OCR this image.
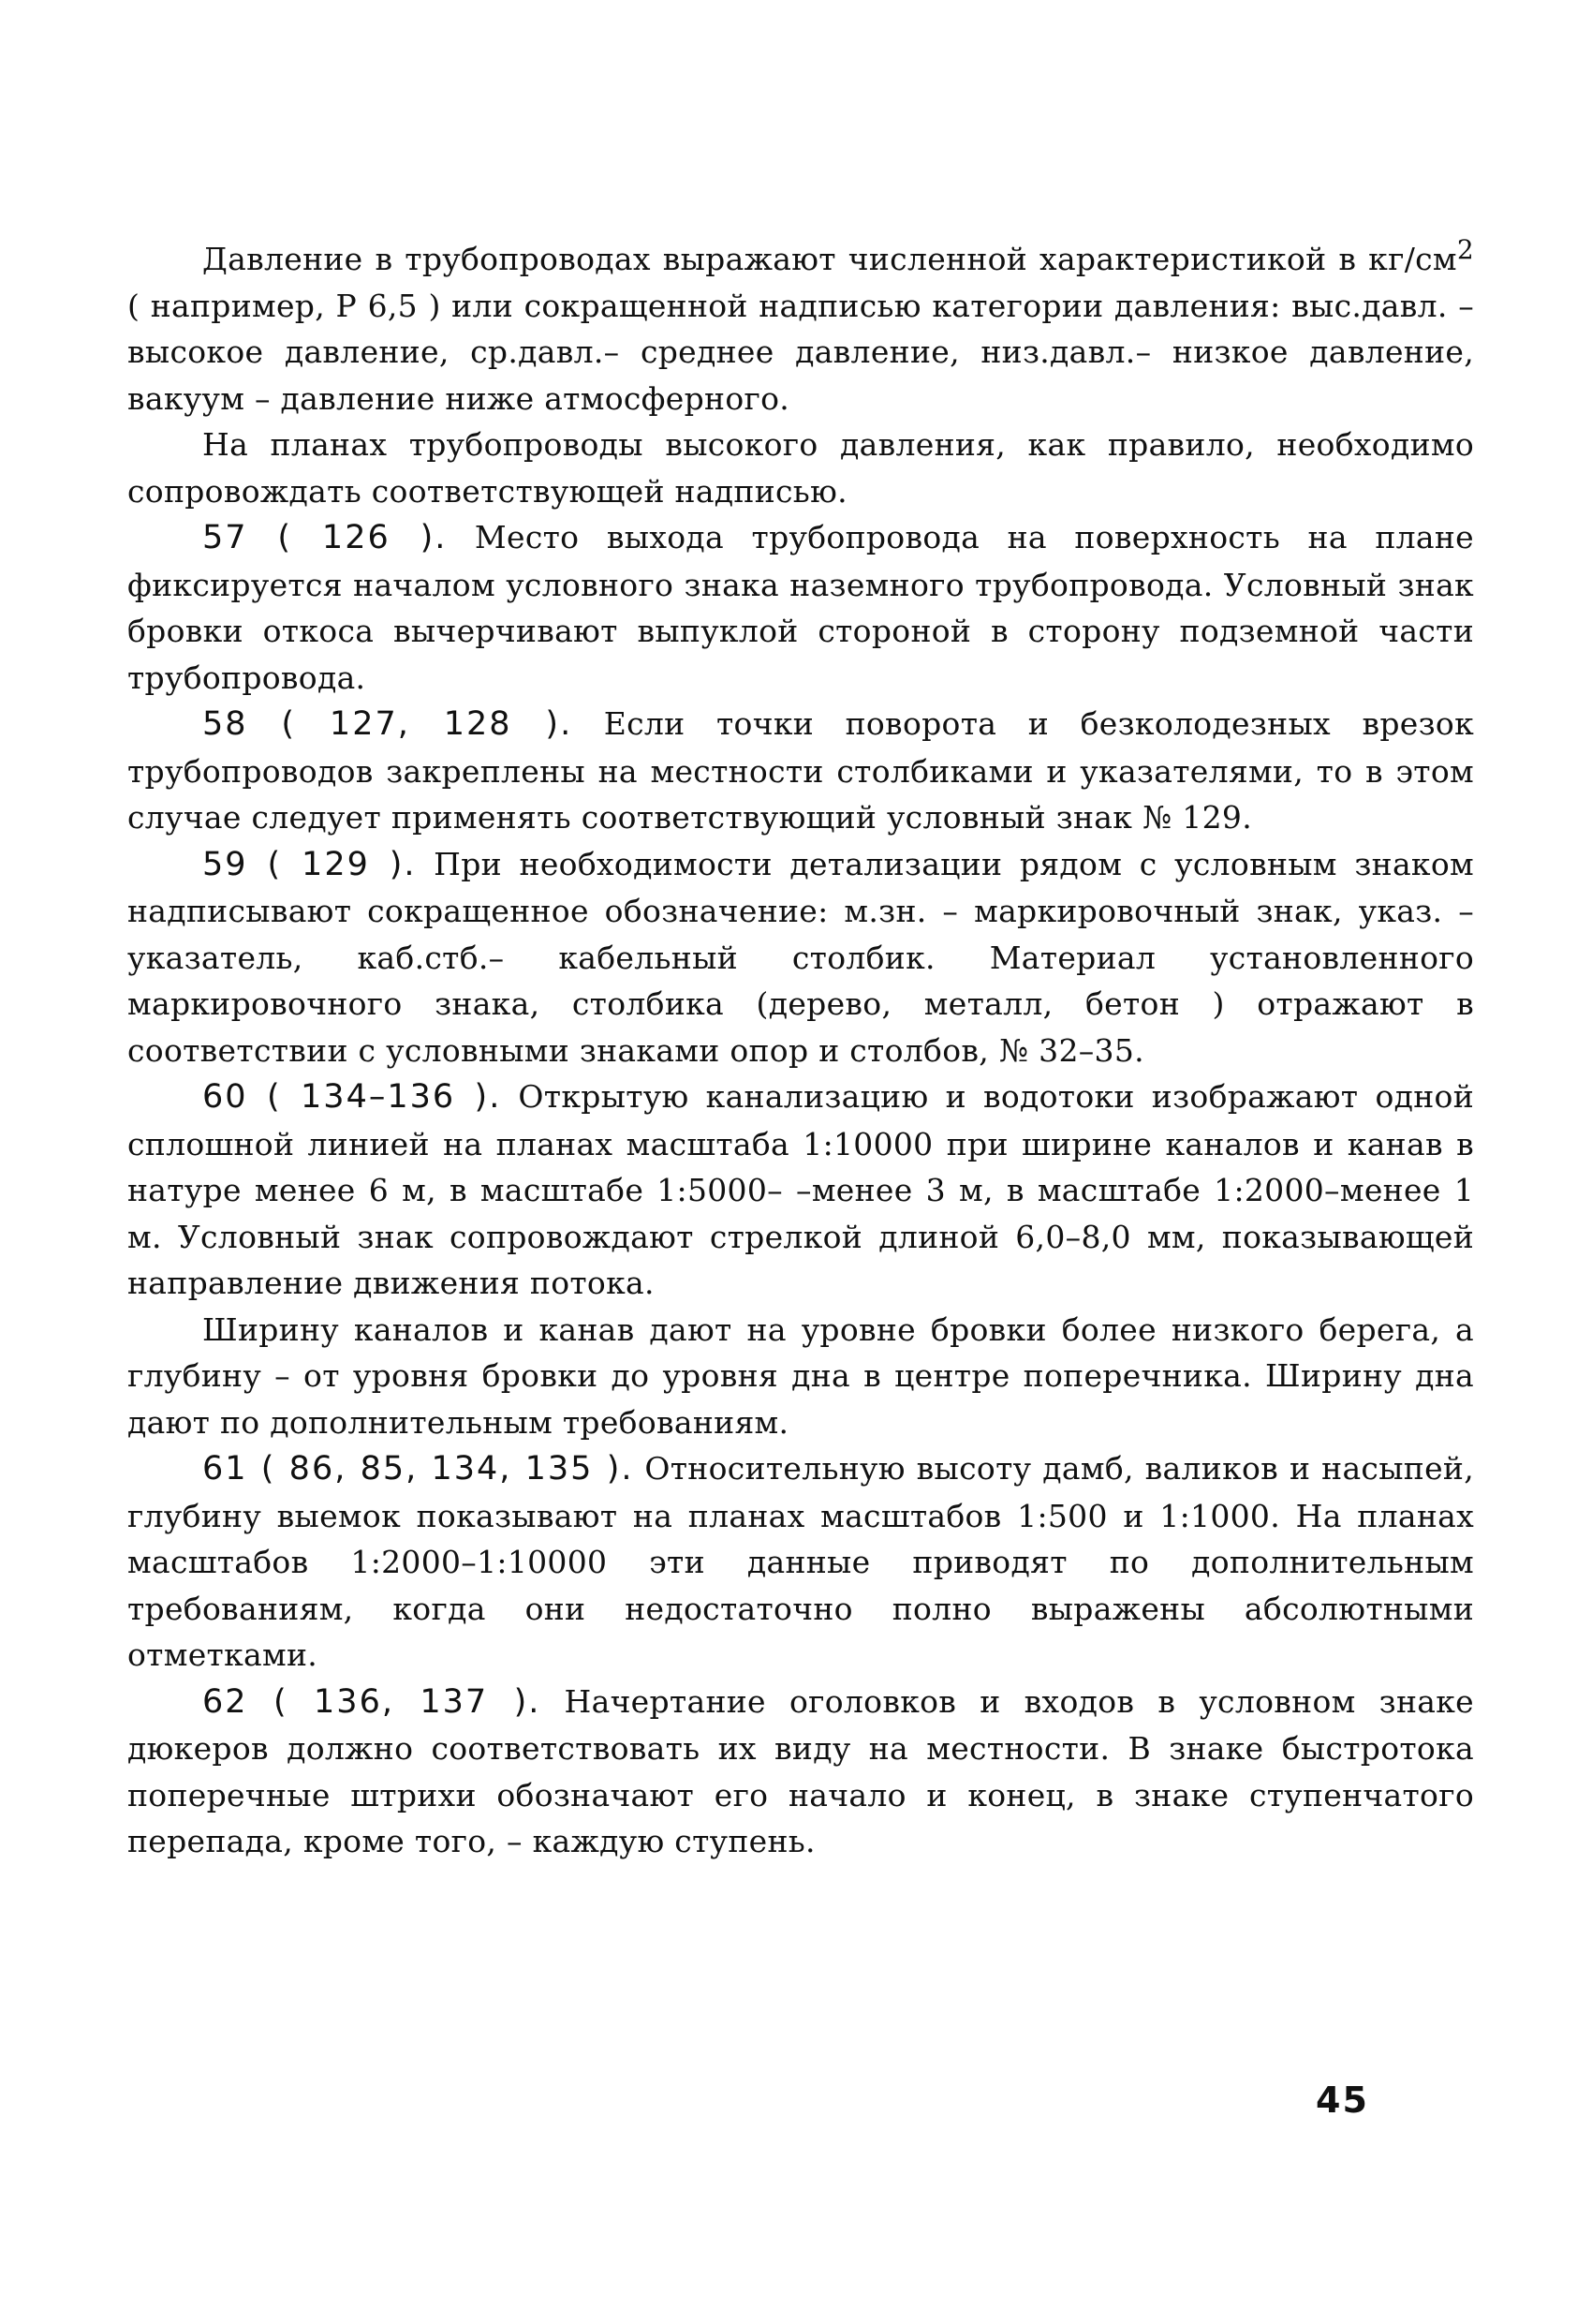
Давление в трубопроводах выражают численной характеристикой в $кг/см^2$ ( например, Р 6,5 ) или сокращенной надписью категории давления: выс.давл. – высокое давление, ср.давл.– среднее давление, низ.давл.– низкое давление, вакуум – давление ниже атмосферного.

На планах трубопроводы высокого давления, как правило, необходимо сопровождать соответствующей надписью.

57 ( 126 ). Место выхода трубопровода на поверхность на плане фиксируется началом условного знака наземного трубопровода. Условный знак бровки откоса вычерчивают выпуклой стороной в сторону подземной части трубопровода.

58 ( 127, 128 ). Если точки поворота и безколодезных врезок трубопроводов закреплены на местности столбиками и указателями, то в этом случае следует применять соответствующий условный знак № 129.

59 ( 129 ). При необходимости детализации рядом с условным знаком надписывают сокращенное обозначение: м.зн. – маркировочный знак, указ. – указатель, каб.стб.– кабельный столбик. Материал установленного маркировочного знака, столбика (дерево, металл, бетон ) отражают в соответствии с условными знаками опор и столбов, № 32–35.

60 ( 134–136 ). Открытую канализацию и водотоки изображают одной сплошной линией на планах масштаба 1:10000 при ширине каналов и канав в натуре менее 6 м, в масштабе 1:5000– –менее 3 м, в масштабе 1:2000–менее 1 м. Условный знак сопровождают стрелкой длиной 6,0–8,0 мм, показывающей направление движения потока.

Ширину каналов и канав дают на уровне бровки более низкого берега, а глубину – от уровня бровки до уровня дна в центре поперечника. Ширину дна дают по дополнительным требованиям.

61 ( 86, 85, 134, 135 ). Относительную высоту дамб, валиков и насыпей, глубину выемок показывают на планах масштабов 1:500 и 1:1000. На планах масштабов 1:2000–1:10000 эти данные приводят по дополнительным требованиям, когда они недостаточно полно выражены абсолютными отметками.

62 ( 136, 137 ). Начертание оголовков и входов в условном знаке дюкеров должно соответствовать их виду на местности. В знаке быстротока поперечные штрихи обозначают его начало и конец, в знаке ступенчатого перепада, кроме того, – каждую ступень.

45
